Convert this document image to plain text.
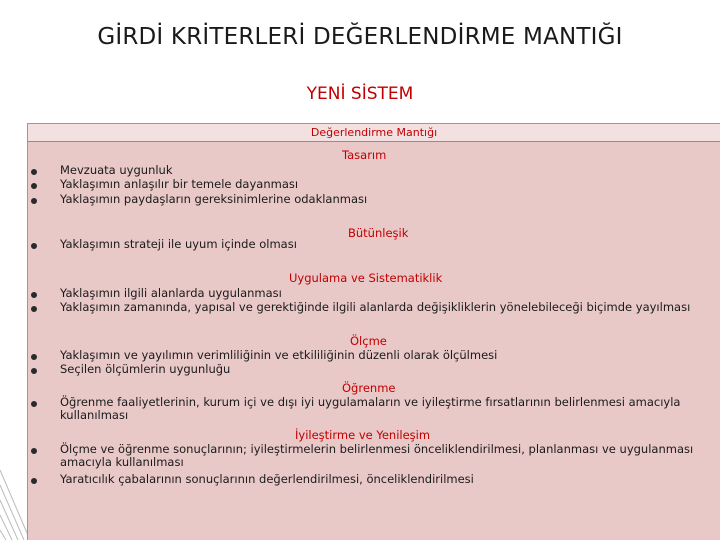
GİRDİ KRİTERLERİ DEĞERLENDİRME MANTIĞI
YENİ SİSTEM
Değerlendirme Mantığı
Tasarım
Mevzuata uygunluk
Yaklaşımın anlaşılır bir temele dayanması
Yaklaşımın paydaşların gereksinimlerine odaklanması
Bütünleşik
Yaklaşımın strateji ile uyum içinde olması
Uygulama ve Sistematiklik
Yaklaşımın ilgili alanlarda uygulanması
Yaklaşımın zamanında, yapısal ve gerektiğinde ilgili alanlarda değişikliklerin yönelebileceği biçimde yayılması
Ölçme
Yaklaşımın ve yayılımın verimliliğinin ve etkililiğinin düzenli olarak ölçülmesi
Seçilen ölçümlerin uygunluğu
Öğrenme
Öğrenme faaliyetlerinin, kurum içi ve dışı iyi uygulamaların ve iyileştirme fırsatlarının belirlenmesi amacıyla kullanılması
İyileştirme ve Yenileşim
Ölçme ve öğrenme sonuçlarının; iyileştirmelerin belirlenmesi önceliklendirilmesi, planlanması ve uygulanması amacıyla kullanılması
Yaratıcılık çabalarının sonuçlarının değerlendirilmesi, önceliklendirilmesi
